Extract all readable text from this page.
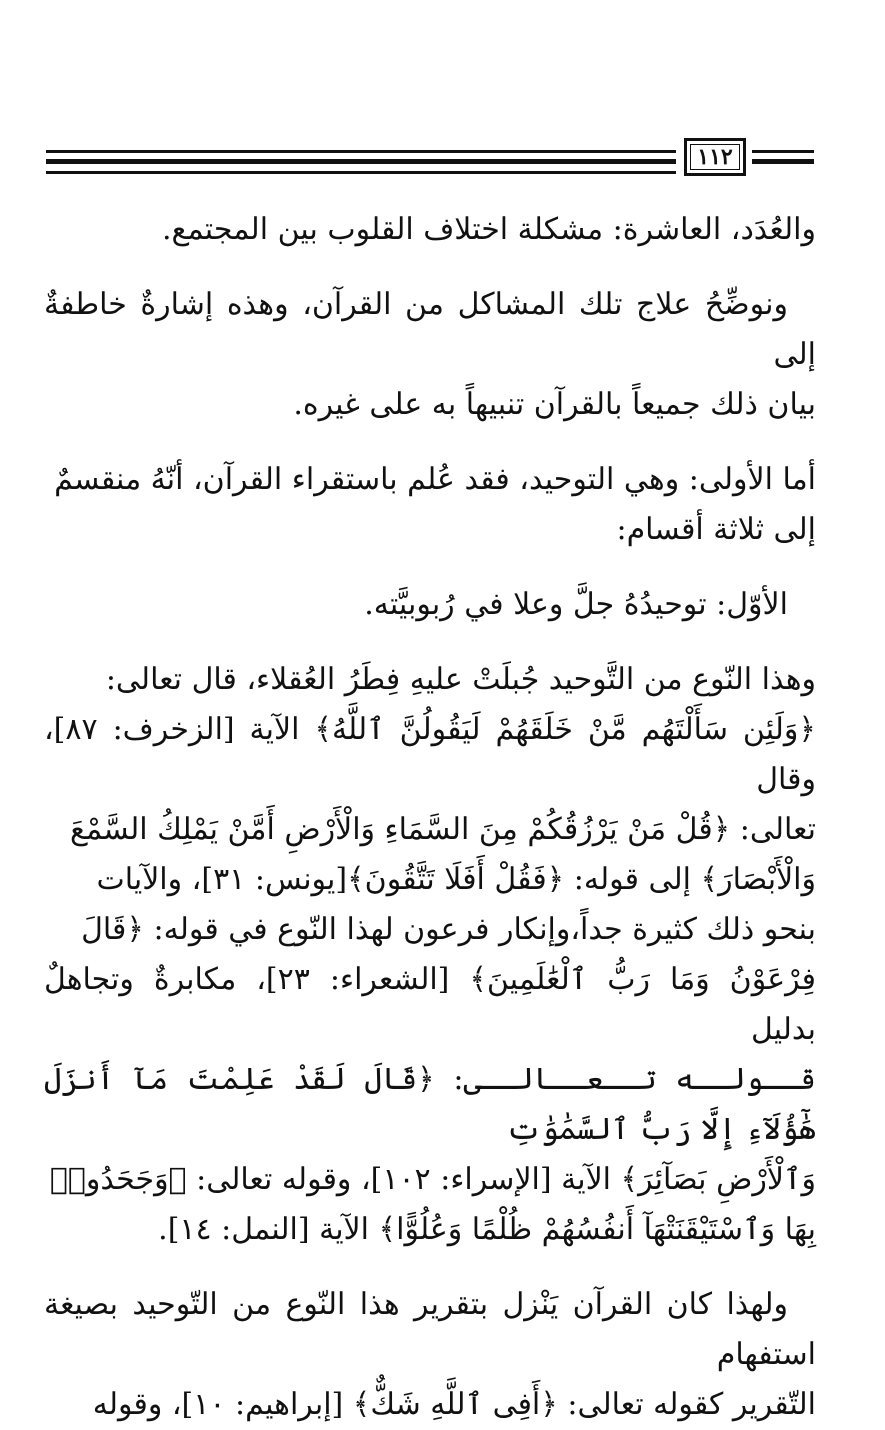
١١٢

والعُدَد، العاشرة: مشكلة اختلاف القلوب بين المجتمع.

ونوضِّحُ علاج تلك المشاكل من القرآن، وهذه إشارةٌ خاطفةٌ إلى
بيان ذلك جميعاً بالقرآن تنبيهاً به على غيره.

أما الأولى: وهي التوحيد، فقد عُلم باستقراء القرآن، أنّهُ منقسمٌ
إلى ثلاثة أقسام:

الأوّل: توحيدُهُ جلَّ وعلا في رُبوبيَّته.

وهذا النّوع من التَّوحيد جُبلَتْ عليهِ فِطَرُ العُقلاء، قال تعالى:
﴿وَلَئِن سَأَلْتَهُم مَّنْ خَلَقَهُمْ لَيَقُولُنَّ ٱللَّهُ﴾ الآية [الزخرف: ٨٧]، وقال
تعالى: ﴿قُلْ مَنْ يَرْزُقُكُمْ مِنَ السَّمَاءِ وَالْأَرْضِ أَمَّنْ يَمْلِكُ السَّمْعَ
وَالْأَبْصَارَ﴾ إلى قوله: ﴿فَقُلْ أَفَلَا تَتَّقُونَ﴾[يونس: ٣١]، والآيات
بنحو ذلك كثيرة جداً،وإنكار فرعون لهذا النّوع في قوله: ﴿قَالَ
فِرْعَوْنُ وَمَا رَبُّ ٱلْعَٰلَمِينَ﴾ [الشعراء: ٢٣]، مكابرةٌ وتجاهلٌ بدليل
قــولــه تــعــالــى: ﴿قَالَ لَقَدْ عَلِمْتَ مَآ أَنزَلَ هَٰٓؤُلَآءِ إِلَّا رَبُّ ٱلسَّمَٰوَٰتِ
وَٱلْأَرْضِ بَصَآئِرَ﴾ الآية [الإسراء: ١٠٢]، وقوله تعالى: ﴿وَجَحَدُوا۟
بِهَا وَٱسْتَيْقَنَتْهَآ أَنفُسُهُمْ ظُلْمًا وَعُلُوًّا﴾ الآية [النمل: ١٤].

ولهذا كان القرآن يَنْزل بتقرير هذا النّوع من التّوحيد بصيغة استفهام
التّقرير كقوله تعالى: ﴿أَفِى ٱللَّهِ شَكٌّ﴾ [إبراهيم: ١٠]، وقوله
